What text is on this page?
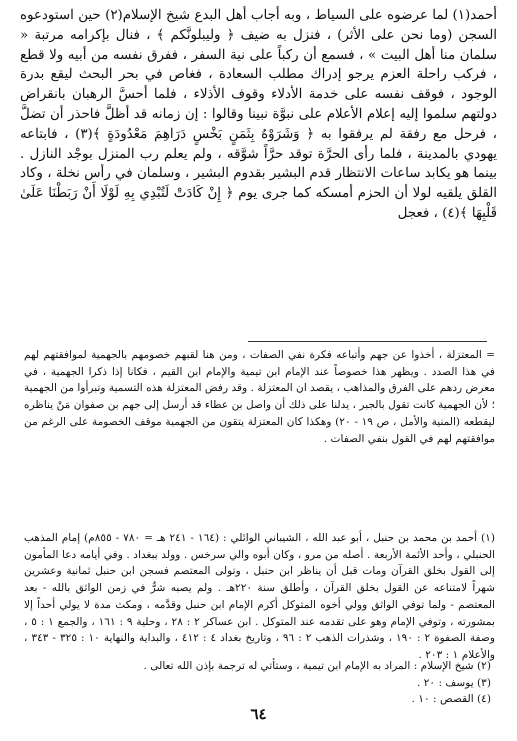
أحمد(١) لما عرضوه على السياط ، وبه أجاب أهل البدع شيخ الإسلام(٢) حين استودعوه السجن (وما نحن على الأثر) ، فنزل به ضيف ﴿ وليبلونَّكم ﴾ ، فنال بإكرامه مرتبة « سلمان منا أهل البيت » ، فسمع أن ركباً على نية السفر ، ففرق نفسه من أبيه ولا قطع ، فركب راحلة العزم يرجو إدراك مطلب السعادة ، فغاص في بحر البحث ليقع بدرة الوجود ، فوقف نفسه على خدمة الأدلاء وقوف الأذلاء ، فلما أحسَّ الرهبان بانقراض دولتهم سلموا إليه إعلام الأعلام على نبوَّة نبينا وقالوا : إن زمانه قد أظلَّ فاحذر أن تضلَّ ، فرحل مع رفقة لم يرفقوا به ﴿ وَشَرَوْهُ بِثَمَنٍ بَخْسٍ دَرَاهِمَ مَعْدُودَةٍ ﴾(٣) ، فابتاعه يهودي بالمدينة ، فلما رأى الحرَّة توقد حرَّاً شوَّقه ، ولم يعلم رب المنزل بوجْد النازل . بينما هو يكابد ساعات الانتظار قدم البشير بقدوم البشير ، وسلمان في رأس نخلة ، وكاد القلق يلقيه لولا أن الحزم أمسكه كما جرى يوم ﴿ إِنْ كَادَتْ لَتُبْدِي بِهِ لَوْلَا أَنْ رَبَطْنَا عَلَىٰ قَلْبِهَا ﴾(٤) ، فعجل

= المعتزلة ، أخذوا عن جهم وأتباعه فكرة نفي الصفات ، ومن هنا لقبهم خصومهم بالجهمية لموافقتهم لهم في هذا الصدد . ويظهر هذا خصوصاً عند الإمام ابن تيمية والإمام ابن القيم ، فكانا إذا ذكرا الجهمية ، في معرض ردهم على الفرق والمذاهب ، يقصد ان المعتزلة . وقد رفض المعتزلة هذه التسمية وتبرأوا من الجهمية ؛ لأن الجهمية كانت تقول بالجبر ، يدلنا على ذلك أن واصل بن عطاء قد أرسل إلى جهم بن صفوان مَنْ يناظره ليقطعه (المنية والأمل ، ص ١٩ - ٢٠) وهكذا كان المعتزلة يتقون من الجهمية موقف الخصومة على الرغم من موافقتهم لهم في القول بنفي الصفات .

(١) أحمد بن محمد بن حنبل ، أبو عبد الله ، الشيباني الوائلي : (١٦٤ - ٢٤١ هـ = ٧٨٠ - ٨٥٥م) إمام المذهب الحنبلي ، وأحد الأئمة الأربعة . أصله من مرو ، وكان أبوه والي سرخس . وولد ببغداد . وفي أيامه دعا المأمون إلى القول بخلق القرآن ومات قبل أن يناظر ابن حنبل ، وتولى المعتصم فسجن ابن حنبل ثمانية وعشرين شهراً لامتناعه عن القول بخلق القرآن ، وأطلق سنة ٢٢٠هـ . ولم يصبه شرٌّ في زمن الواثق بالله - بعد المعتصم - ولما توفي الواثق وولي أخوه المتوكل أكرم الإمام ابن حنبل وقدَّمه ، ومكث مدة لا يولي أحداً إلا بمشورته ، وتوفي الإمام وهو على تقدمه عند المتوكل . ابن عساكر ٢ : ٢٨ ، وحلية ٩ : ١٦١ ، والجمع ١ : ٥ ، وصفة الصفوة ٢ : ١٩٠ ، وشذرات الذهب ٢ : ٩٦ ، وتاريخ بغداد ٤ : ٤١٢ ، والبداية والنهاية ١٠ : ٣٢٥ - ٣٤٣ ، والأعلام ١ : ٢٠٣ .

(٢) شيخ الإسلام : المراد به الإمام ابن تيمية ، وستأتي له ترجمة بإذن الله تعالى .
(٣) يوسف : ٢٠ .
(٤) القصص : ١٠ .
٦٤
